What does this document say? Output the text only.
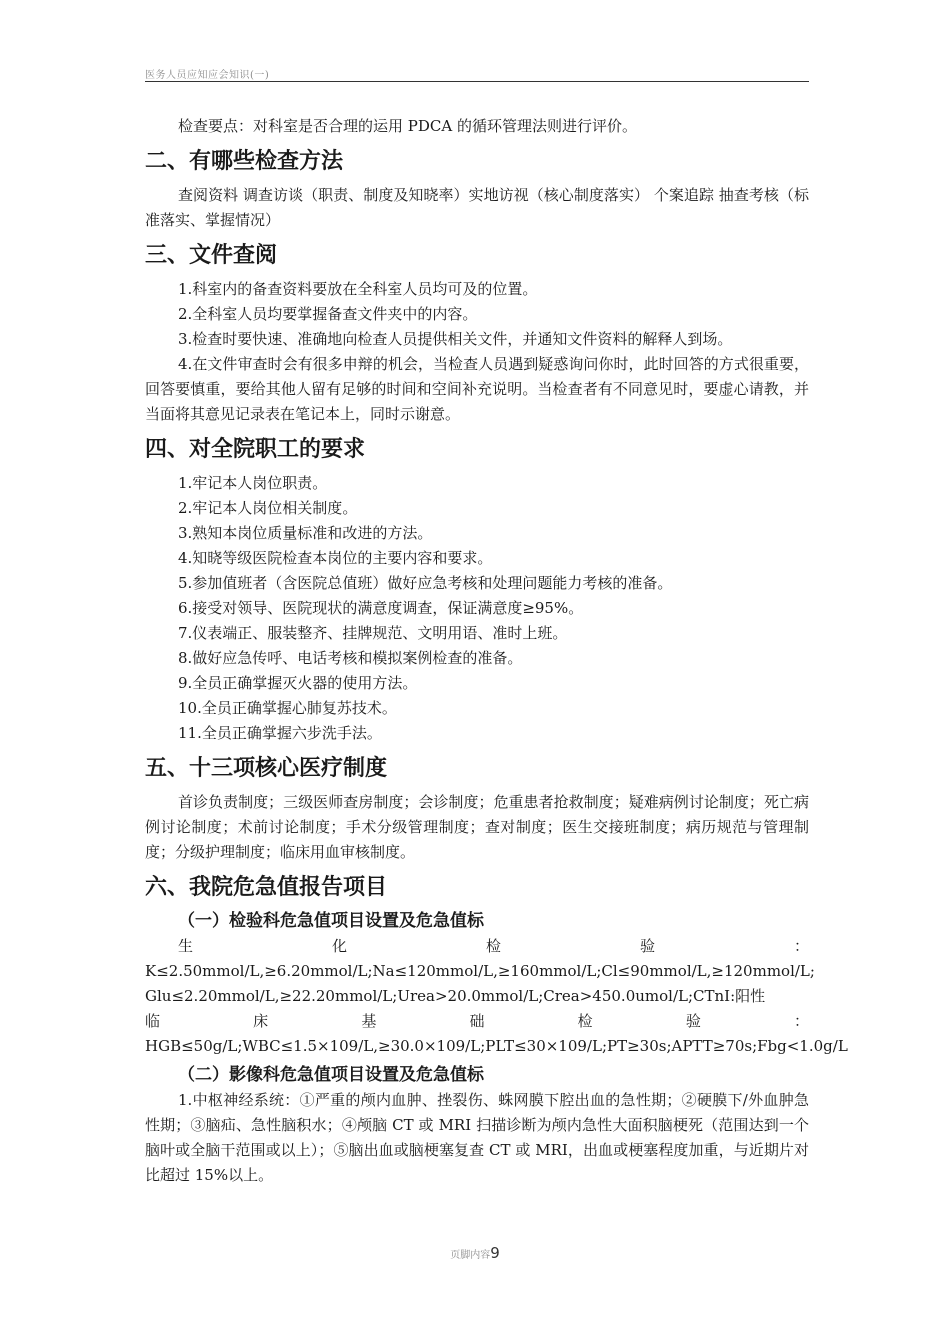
医务人员应知应会知识(一)

检查要点：对科室是否合理的运用 PDCA 的循环管理法则进行评价。

二、有哪些检查方法

查阅资料 调查访谈（职责、制度及知晓率）实地访视（核心制度落实） 个案追踪 抽查考核（标准落实、掌握情况）

三、文件查阅

1.科室内的备查资料要放在全科室人员均可及的位置。

2.全科室人员均要掌握备查文件夹中的内容。

3.检查时要快速、准确地向检查人员提供相关文件，并通知文件资料的解释人到场。

4.在文件审查时会有很多申辩的机会，当检查人员遇到疑惑询问你时，此时回答的方式很重要，回答要慎重，要给其他人留有足够的时间和空间补充说明。当检查者有不同意见时，要虚心请教，并当面将其意见记录表在笔记本上，同时示谢意。

四、对全院职工的要求

1.牢记本人岗位职责。

2.牢记本人岗位相关制度。

3.熟知本岗位质量标准和改进的方法。

4.知晓等级医院检查本岗位的主要内容和要求。

5.参加值班者（含医院总值班）做好应急考核和处理问题能力考核的准备。

6.接受对领导、医院现状的满意度调查，保证满意度≥95%。

7.仪表端正、服装整齐、挂牌规范、文明用语、准时上班。

8.做好应急传呼、电话考核和模拟案例检查的准备。

9.全员正确掌握灭火器的使用方法。

10.全员正确掌握心肺复苏技术。

11.全员正确掌握六步洗手法。

五、十三项核心医疗制度

首诊负责制度；三级医师查房制度；会诊制度；危重患者抢救制度；疑难病例讨论制度；死亡病例讨论制度；术前讨论制度；手术分级管理制度；查对制度；医生交接班制度；病历规范与管理制度；分级护理制度；临床用血审核制度。

六、我院危急值报告项目
（一）检验科危急值项目设置及危急值标

生化检验：K≤2.50mmol/L,≥6.20mmol/L;Na≤120mmol/L,≥160mmol/L;Cl≤90mmol/L,≥120mmol/L; Glu≤2.20mmol/L,≥22.20mmol/L;Urea>20.0mmol/L;Crea>450.0umol/L;CTnI:阳性

临床基础检验：HGB≤50g/L;WBC≤1.5×109/L,≥30.0×109/L;PLT≤30×109/L;PT≥30s;APTT≥70s;Fbg<1.0g/L

（二）影像科危急值项目设置及危急值标

1.中枢神经系统：①严重的颅内血肿、挫裂伤、蛛网膜下腔出血的急性期；②硬膜下/外血肿急性期；③脑疝、急性脑积水；④颅脑 CT 或 MRI 扫描诊断为颅内急性大面积脑梗死（范围达到一个脑叶或全脑干范围或以上）；⑤脑出血或脑梗塞复查 CT 或 MRI，出血或梗塞程度加重，与近期片对比超过 15%以上。

页脚内容9
